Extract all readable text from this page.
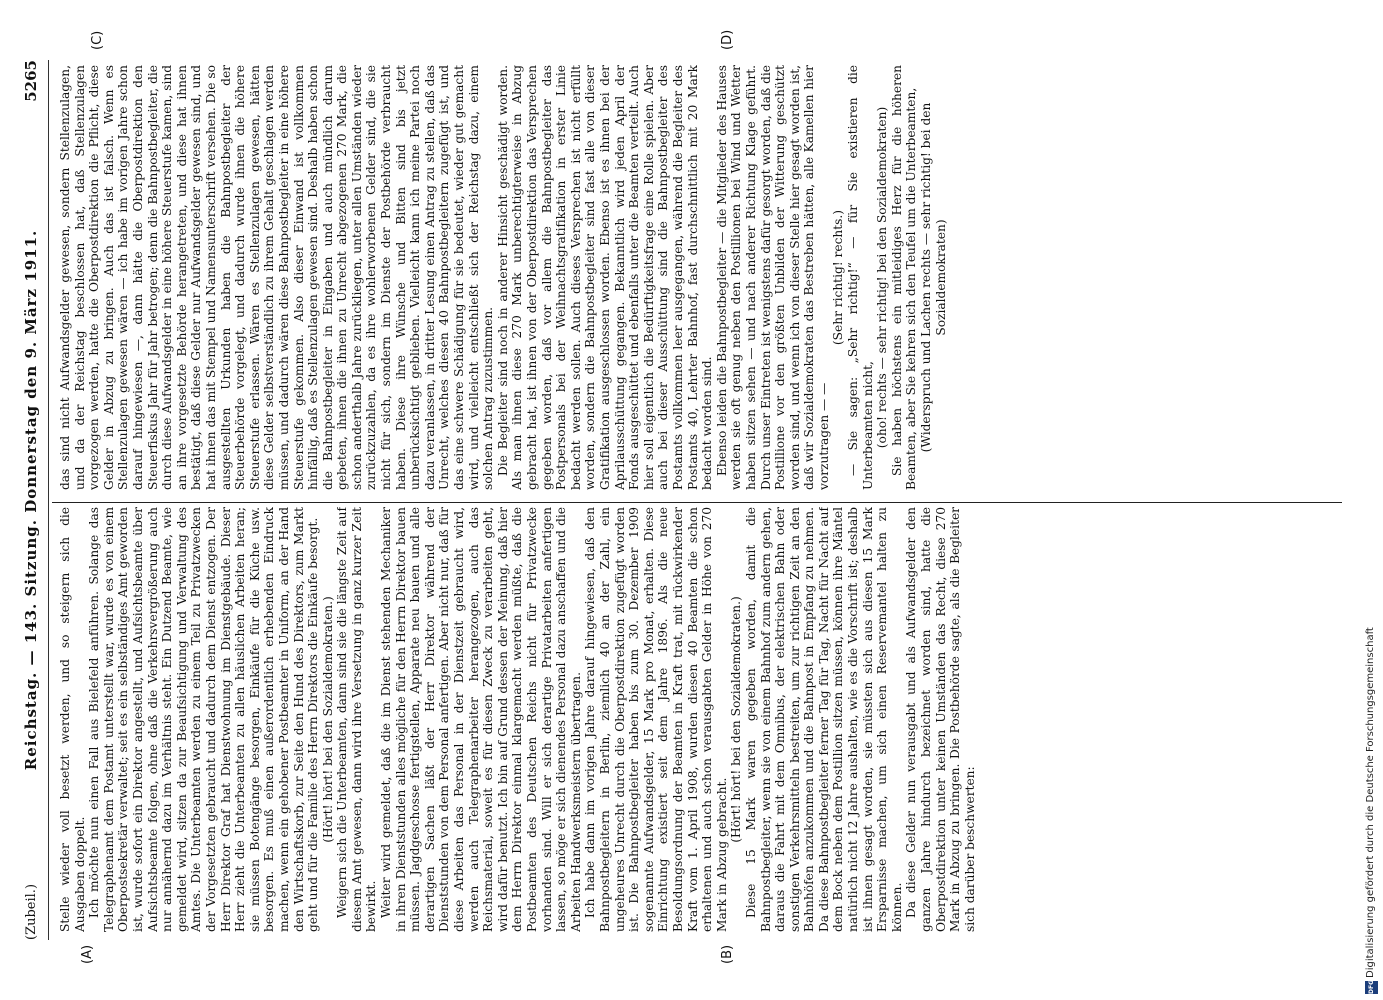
(Zubeil.)
Reichstag. — 143. Sitzung. Donnerstag den 9. März 1911.
5265
(A)	(B)
(C)	(D)

Stelle wieder voll besetzt werden, und so steigern sich die Ausgaben doppelt. Ich möchte nun einen Fall aus Bielefeld anführen. Solange das Telegraphenamt dem Postamt unterstellt war, wurde es von einem Oberpostsekretär verwaltet; seit es ein selbständiges Amt geworden ist, wurde sofort ein Direktor angestellt, und Aufsichtsbeamte über Aufsichtsbeamte folgen, ohne daß die Verkehrsvergrößerung auch nur annähernd dazu im Verhältnis steht. Ein Dutzend Beamte, wie gemeldet wird, sitzen da zur Beaufsichtigung und Verwaltung des Amtes. Die Unterbeamten werden zu einem Teil zu Privatzwecken der Vorgesetzten gebraucht und dadurch dem Dienst entzogen. Der Herr Direktor Graf hat Dienstwohnung im Dienstgebäude. Dieser Herr zieht die Unterbeamten zu allen häuslichen Arbeiten heran; sie müssen Botengänge besorgen, Einkäufe für die Küche usw. besorgen. Es muß einen außerordentlich erhebenden Eindruck machen, wenn ein gehobener Postbeamter in Uniform, an der Hand den Wirtschaftskorb, zur Seite den Hund des Direktors, zum Markt geht und für die Familie des Herrn Direktors die Einkäufe besorgt. (Hört! hört! bei den Sozialdemokraten.) Weigern sich die Unterbeamten, dann sind sie die längste Zeit auf diesem Amt gewesen, dann wird ihre Versetzung in ganz kurzer Zeit bewirkt. Weiter wird gemeldet, daß die im Dienst stehenden Mechaniker in ihren Dienststunden alles mögliche für den Herrn Direktor bauen müssen. Jagdgeschosse fertigstellen, Apparate neu bauen und alle derartigen Sachen läßt der Herr Direktor während der Dienststunden von dem Personal anfertigen. Aber nicht nur, daß für diese Arbeiten das Personal in der Dienstzeit gebraucht wird, werden auch Telegraphenarbeiter herangezogen, auch das Reichsmaterial, soweit es für diesen Zweck zu verarbeiten geht, wird dafür benutzt. Ich bin auf Grund dessen der Meinung, daß hier dem Herrn Direktor einmal klargemacht werden müßte, daß die Postbeamten des Deutschen Reichs nicht für Privatzwecke vorhanden sind. Will er sich derartige Privatarbeiten anfertigen lassen, so möge er sich dienendes Personal dazu anschaffen und die Arbeiten Handwerksmeistern übertragen. Ich habe dann im vorigen Jahre darauf hingewiesen, daß den Bahnpostbegleitern in Berlin, ziemlich 40 an der Zahl, ein ungeheures Unrecht durch die Oberpostdirektion zugefügt worden ist. Die Bahnpostbegleiter haben bis zum 30. Dezember 1909 sogenannte Aufwandsgelder, 15 Mark pro Monat, erhalten. Diese Einrichtung existiert seit dem Jahre 1896. Als die neue Besoldungsordnung der Beamten in Kraft trat, mit rückwirkender Kraft vom 1. April 1908, wurden diesen 40 Beamten die schon erhaltenen und auch schon verausgabten Gelder in Höhe von 270 Mark in Abzug gebracht.

(Hört! hört! bei den Sozialdemokraten.) Diese 15 Mark waren gegeben worden, damit die Bahnpostbegleiter, wenn sie von einem Bahnhof zum andern gehen, daraus die Fahrt mit dem Omnibus, der elektrischen Bahn oder sonstigen Verkehrsmitteln bestreiten, um zur richtigen Zeit an den Bahnhöfen anzukommen und die Bahnpost in Empfang zu nehmen. Da diese Bahnpostbegleiter ferner Tag für Tag, Nacht für Nacht auf dem Bock neben dem Postillion sitzen müssen, können ihre Mäntel natürlich nicht 12 Jahre aushalten, wie es die Vorschrift ist; deshalb ist ihnen gesagt worden, sie müssten sich aus diesen 15 Mark Ersparnisse machen, um sich einen Reservemantel halten zu können. Da diese Gelder nun verausgabt und als Aufwandsgelder den ganzen Jahre hindurch bezeichnet worden sind, hatte die Oberpostdirektion unter keinen Umständen das Recht, diese 270 Mark in Abzug zu bringen. Die Postbehörde sagte, als die Begleiter sich darüber beschwerten:

das sind nicht Aufwandsgelder gewesen, sondern Stellenzulagen, und da der Reichstag beschlossen hat, daß Stellenzulagen vorgezogen werden, hatte die Oberpostdirektion die Pflicht, diese Gelder in Abzug zu bringen. Auch das ist falsch. Wenn es Stellenzulagen gewesen wären — ich habe im vorigen Jahre schon darauf hingewiesen —, dann hätte die Oberpostdirektion den Steuerfiskus Jahr für Jahr betrogen; denn die Bahnpostbegleiter, die durch diese Aufwandsgelder in eine höhere Steuerstufe kamen, sind an ihre vorgesetzte Behörde herangetreten, und diese hat ihnen bestätigt, daß diese Gelder nur Aufwandsgelder gewesen sind, und hat ihnen das mit Stempel und Namensunterschrift versehen. Die so ausgestellten Urkunden haben die Bahnpostbegleiter der Steuerbehörde vorgelegt, und dadurch wurde ihnen die höhere Steuerstufe erlassen. Wären es Stellenzulagen gewesen, hätten diese Gelder selbstverständlich zu ihrem Gehalt geschlagen werden müssen, und dadurch wären diese Bahnpostbegleiter in eine höhere Steuerstufe gekommen. Also dieser Einwand ist vollkommen hinfällig, daß es Stellenzulagen gewesen sind. Deshalb haben schon die Bahnpostbegleiter in Eingaben und auch mündlich darum gebeten, ihnen die ihnen zu Unrecht abgezogenen 270 Mark, die schon anderthalb Jahre zurückliegen, unter allen Umständen wieder zurückzuzahlen, da es ihre wohlerworbenen Gelder sind, die sie nicht für sich, sondern im Dienste der Postbehörde verbraucht haben. Diese ihre Wünsche und Bitten sind bis jetzt unberücksichtigt geblieben. Vielleicht kann ich meine Partei noch dazu veranlassen, in dritter Lesung einen Antrag zu stellen, daß das Unrecht, welches diesen 40 Bahnpostbegleitern zugefügt ist, und das eine schwere Schädigung für sie bedeutet, wieder gut gemacht wird, und vielleicht entschließt sich der Reichstag dazu, einem solchen Antrag zuzustimmen. Die Begleiter sind noch in anderer Hinsicht geschädigt worden. Als man ihnen diese 270 Mark unberechtigterweise in Abzug gebracht hat, ist ihnen von der Oberpostdirektion das Versprechen gegeben worden, daß vor allem die Bahnpostbegleiter das Postpersonals bei der Weihnachtsgratifikation in erster Linie bedacht werden sollen. Auch dieses Versprechen ist nicht erfüllt worden, sondern die Bahnpostbegleiter sind fast alle von dieser Gratifikation ausgeschlossen worden. Ebenso ist es ihnen bei der Aprilausschüttung gegangen. Bekanntlich wird jeden April der Fonds ausgeschüttet und ebenfalls unter die Beamten verteilt. Auch hier soll eigentlich die Bedürftigkeitsfrage eine Rolle spielen. Aber auch bei dieser Ausschüttung sind die Bahnpostbegleiter des Postamts vollkommen leer ausgegangen, während die Begleiter des Postamts 40, Lehrter Bahnhof, fast durchschnittlich mit 20 Mark bedacht worden sind. Ebenso leiden die Bahnpostbegleiter — die Mitglieder des Hauses werden sie oft genug neben den Postillionen bei Wind und Wetter haben sitzen sehen — und nach anderer Richtung Klage geführt. Durch unser Eintreten ist wenigstens dafür gesorgt worden, daß die Postillione vor den größten Unbilden der Witterung geschützt worden sind, und wenn ich von dieser Stelle hier gesagt worden ist, daß wir Sozialdemokraten das Bestreben hätten, alle Kamellen hier vorzutragen — —

(Sehr richtig! rechts.) — Sie sagen: „Sehr richtig!“ — für Sie existieren die Unterbeamten nicht, (oho! rechts — sehr richtig! bei den Sozialdemokraten) Sie haben höchstens ein mitleidiges Herz für die höheren Beamten, aber Sie kehren sich den Teufel um die Unterbeamten, (Widerspruch und Lachen rechts — sehr richtig! bei den Sozialdemokraten)

DFG
Digitalisierung gefördert durch die Deutsche Forschungsgemeinschaft
